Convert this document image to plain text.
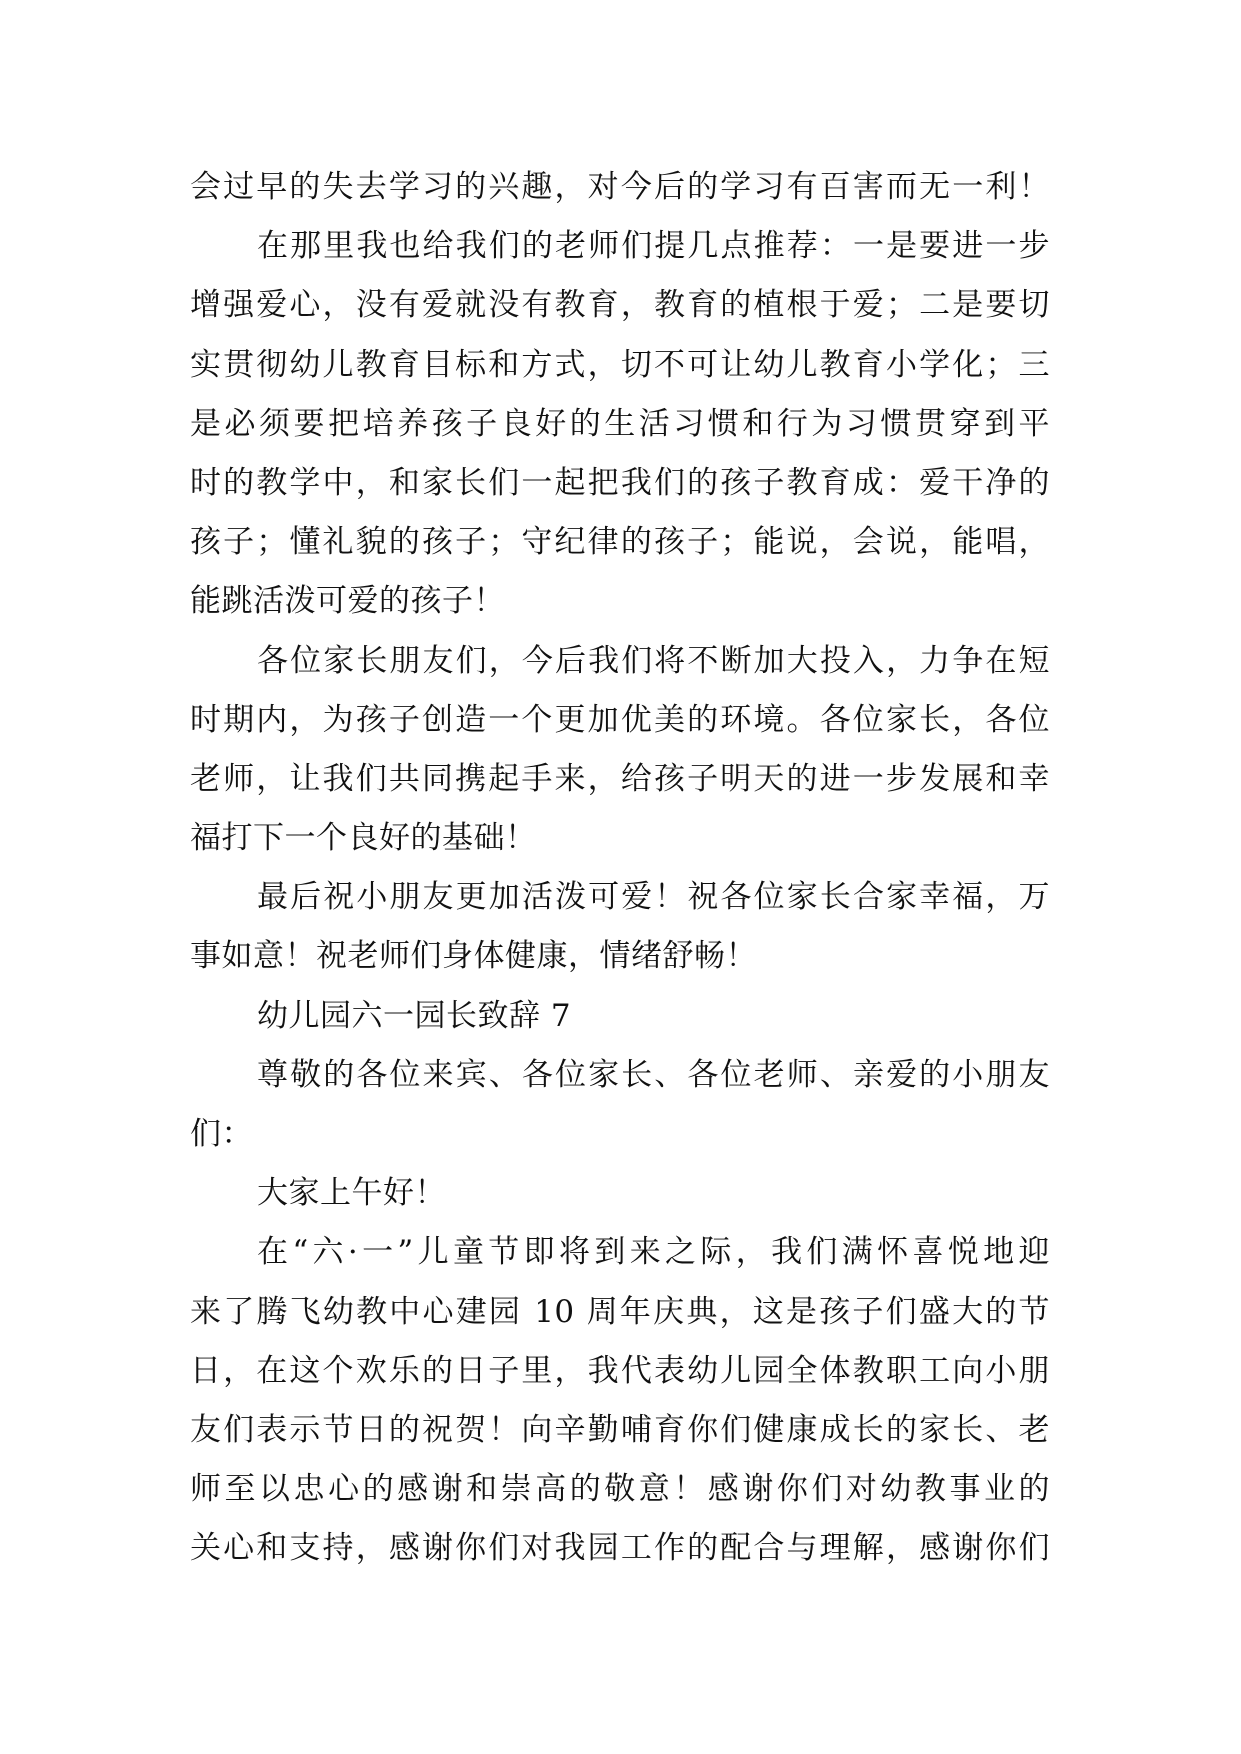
会过早的失去学习的兴趣，对今后的学习有百害而无一利！
在那里我也给我们的老师们提几点推荐：一是要进一步
增强爱心，没有爱就没有教育，教育的植根于爱；二是要切
实贯彻幼儿教育目标和方式，切不可让幼儿教育小学化；三
是必须要把培养孩子良好的生活习惯和行为习惯贯穿到平
时的教学中，和家长们一起把我们的孩子教育成：爱干净的
孩子；懂礼貌的孩子；守纪律的孩子；能说，会说，能唱，
能跳活泼可爱的孩子！
各位家长朋友们，今后我们将不断加大投入，力争在短
时期内，为孩子创造一个更加优美的环境。各位家长，各位
老师，让我们共同携起手来，给孩子明天的进一步发展和幸
福打下一个良好的基础！
最后祝小朋友更加活泼可爱！祝各位家长合家幸福，万
事如意！祝老师们身体健康，情绪舒畅！
幼儿园六一园长致辞 7
尊敬的各位来宾、各位家长、各位老师、亲爱的小朋友
们：
大家上午好！
在“六·一”儿童节即将到来之际，我们满怀喜悦地迎
来了腾飞幼教中心建园 10 周年庆典，这是孩子们盛大的节
日，在这个欢乐的日子里，我代表幼儿园全体教职工向小朋
友们表示节日的祝贺！向辛勤哺育你们健康成长的家长、老
师至以忠心的感谢和崇高的敬意！感谢你们对幼教事业的
关心和支持，感谢你们对我园工作的配合与理解，感谢你们
